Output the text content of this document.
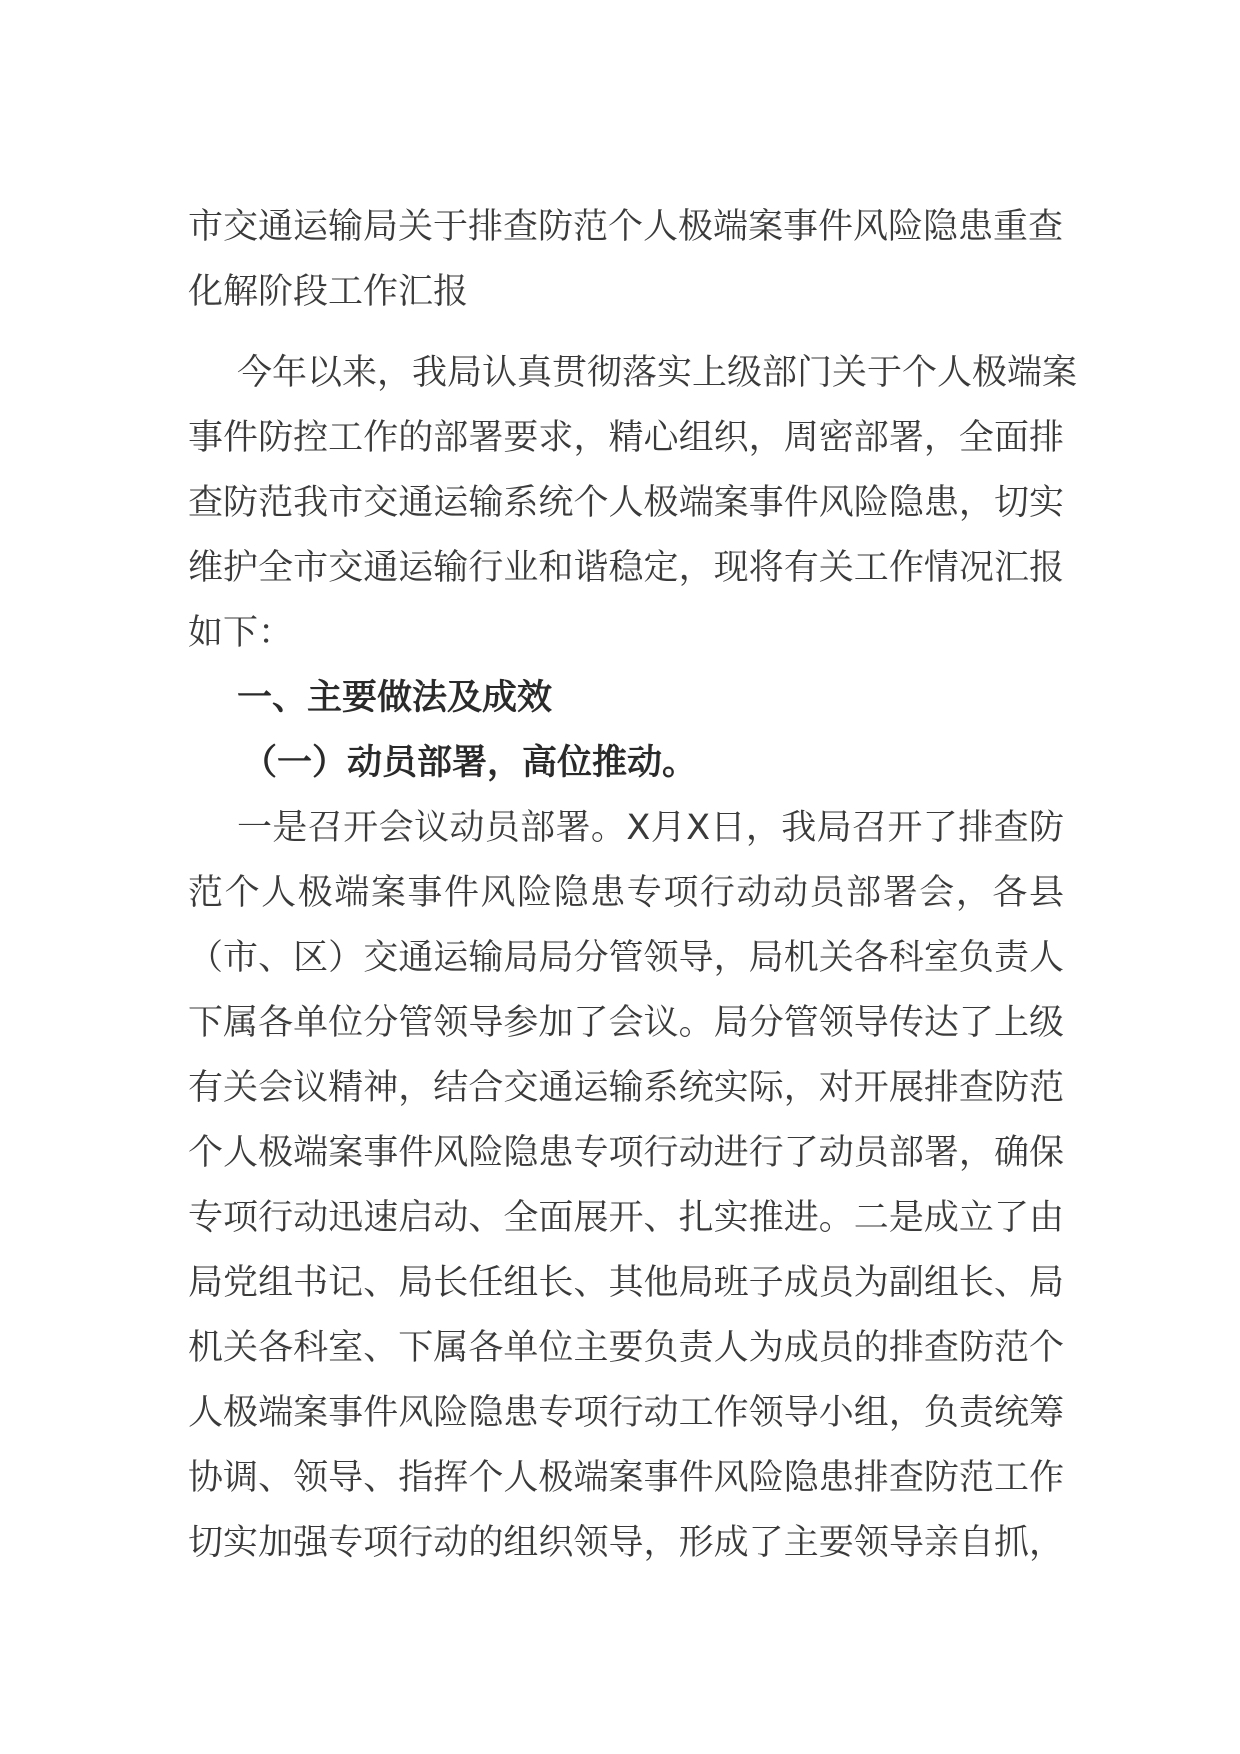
市交通运输局关于排查防范个人极端案事件风险隐患重查
化解阶段工作汇报
今年以来，我局认真贯彻落实上级部门关于个人极端案
事件防控工作的部署要求，精心组织，周密部署，全面排
查防范我市交通运输系统个人极端案事件风险隐患，切实
维护全市交通运输行业和谐稳定，现将有关工作情况汇报
如下：
一、主要做法及成效
（一）动员部署，高位推动。
一是召开会议动员部署。X月X日，我局召开了排查防
范个人极端案事件风险隐患专项行动动员部署会，各县
（市、区）交通运输局局分管领导，局机关各科室负责人
下属各单位分管领导参加了会议。局分管领导传达了上级
有关会议精神，结合交通运输系统实际，对开展排查防范
个人极端案事件风险隐患专项行动进行了动员部署，确保
专项行动迅速启动、全面展开、扎实推进。二是成立了由
局党组书记、局长任组长、其他局班子成员为副组长、局
机关各科室、下属各单位主要负责人为成员的排查防范个
人极端案事件风险隐患专项行动工作领导小组，负责统筹
协调、领导、指挥个人极端案事件风险隐患排查防范工作
切实加强专项行动的组织领导，形成了主要领导亲自抓，
